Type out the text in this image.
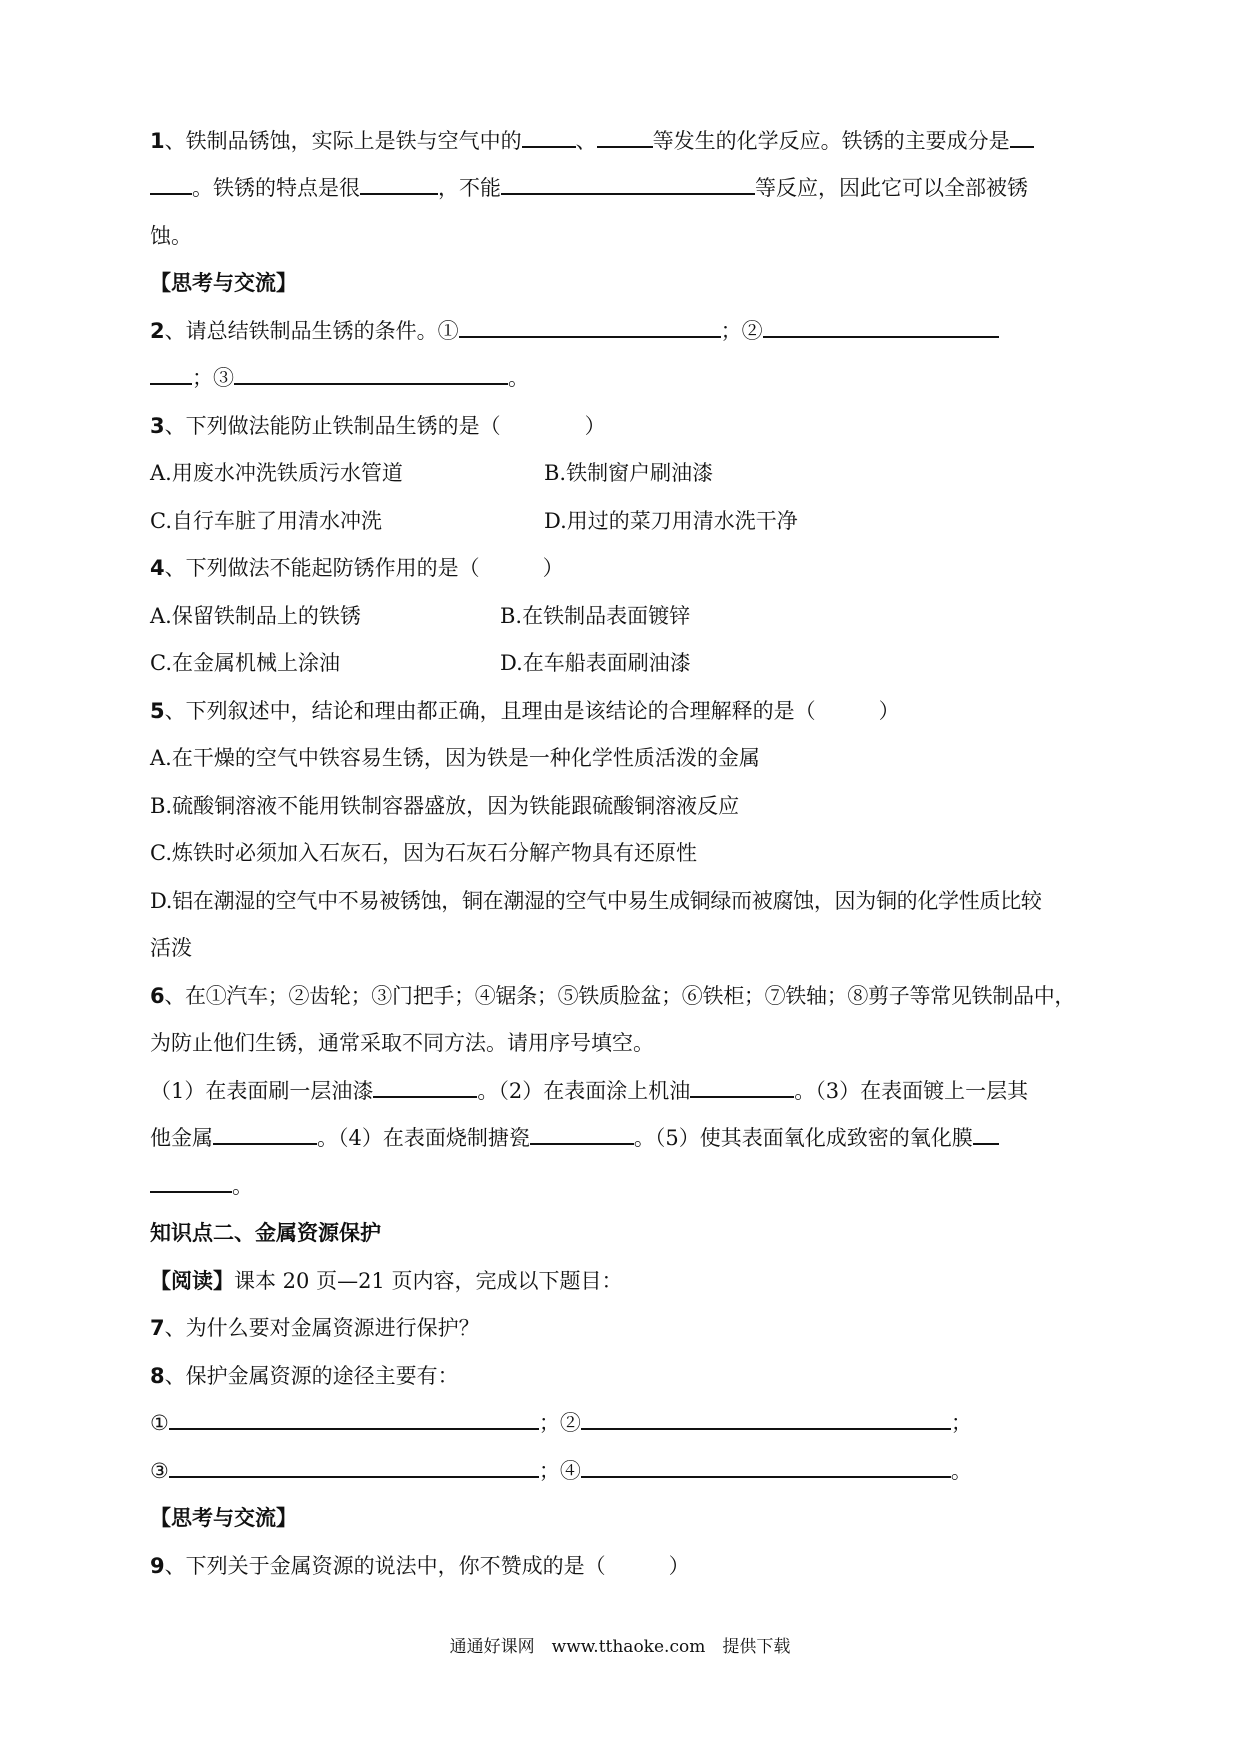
1、铁制品锈蚀，实际上是铁与空气中的	、	等发生的化学反应。铁锈的主要成分是
。铁锈的特点是很	，不能	等反应，因此它可以全部被锈
蚀。
【思考与交流】
2、请总结铁制品生锈的条件。①	；②
；③	。
3、下列做法能防止铁制品生锈的是（　　　　）
A.用废水冲洗铁质污水管道	B.铁制窗户刷油漆
C.自行车脏了用清水冲洗	D.用过的菜刀用清水洗干净
4、下列做法不能起防锈作用的是（　　　）
A.保留铁制品上的铁锈	B.在铁制品表面镀锌
C.在金属机械上涂油	D.在车船表面刷油漆
5、下列叙述中，结论和理由都正确，且理由是该结论的合理解释的是（　　　）
A.在干燥的空气中铁容易生锈，因为铁是一种化学性质活泼的金属
B.硫酸铜溶液不能用铁制容器盛放，因为铁能跟硫酸铜溶液反应
C.炼铁时必须加入石灰石，因为石灰石分解产物具有还原性
D.铝在潮湿的空气中不易被锈蚀，铜在潮湿的空气中易生成铜绿而被腐蚀，因为铜的化学性质比较
活泼
6、在①汽车；②齿轮；③门把手；④锯条；⑤铁质脸盆；⑥铁柜；⑦铁轴；⑧剪子等常见铁制品中，
为防止他们生锈，通常采取不同方法。请用序号填空。
（1）在表面刷一层油漆	。（2）在表面涂上机油	。（3）在表面镀上一层其
他金属	。（4）在表面烧制搪瓷	。（5）使其表面氧化成致密的氧化膜
。
知识点二、金属资源保护
【阅读】课本 20 页—21 页内容，完成以下题目：
7、为什么要对金属资源进行保护？
8、保护金属资源的途径主要有：
①	；②	；
③	；④	。
【思考与交流】
9、下列关于金属资源的说法中，你不赞成的是（　　　）
通通好课网　www.tthaoke.com　提供下载
